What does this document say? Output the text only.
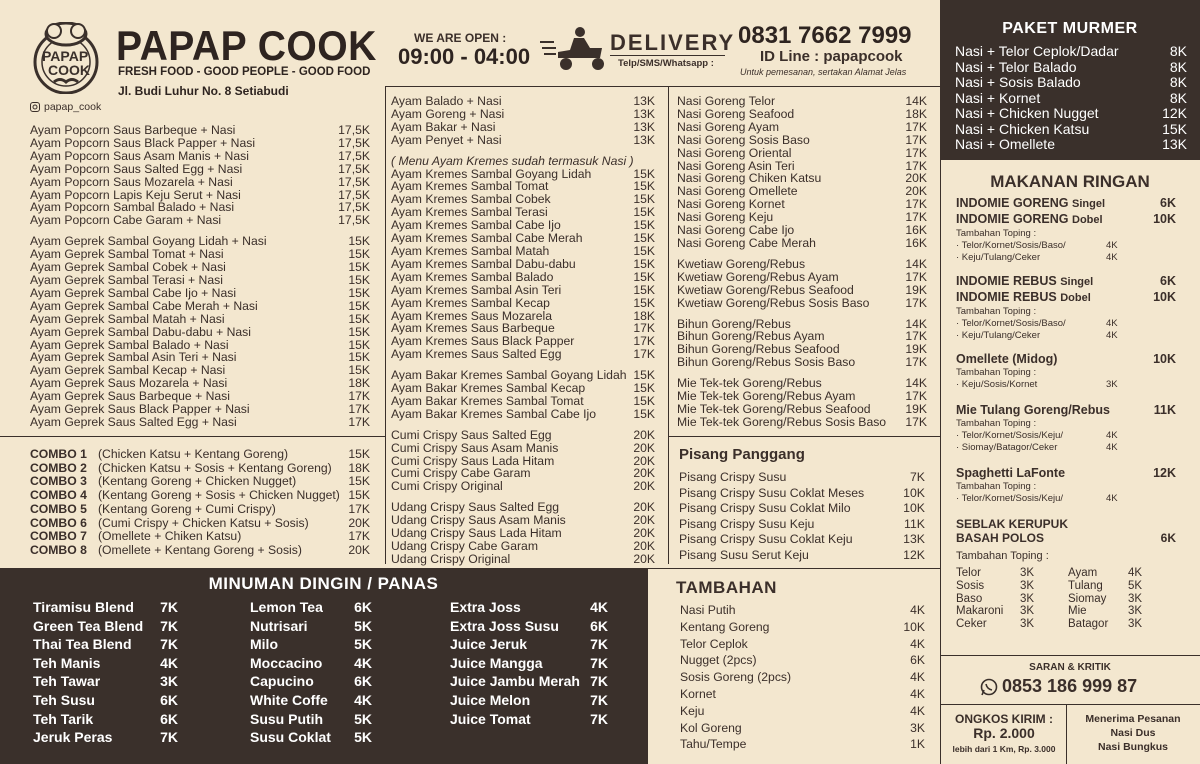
PAPAP
COOK
PAPAP COOK
FRESH FOOD - GOOD PEOPLE - GOOD FOOD
Jl. Budi Luhur No. 8 Setiabudi
papap_cook
WE ARE OPEN :
09:00 - 04:00
DELIVERY
Telp/SMS/Whatsapp :
0831 7662 7999
ID Line : papapcook
Untuk pemesanan, sertakan Alamat Jelas
Ayam Popcorn Saus Barbeque + Nasi	17,5K
Ayam Popcorn Saus Black Papper + Nasi	17,5K
Ayam Popcorn Saus Asam Manis + Nasi	17,5K
Ayam Popcorn Saus Salted Egg + Nasi	17,5K
Ayam Popcorn Saus Mozarela + Nasi	17,5K
Ayam Popcorn Lapis Keju Serut + Nasi	17,5K
Ayam Popcorn Sambal Balado + Nasi	17,5K
Ayam Popcorn Cabe Garam + Nasi	17,5K
Ayam Geprek Sambal Goyang Lidah + Nasi	15K
Ayam Geprek Sambal Tomat + Nasi	15K
Ayam Geprek Sambal Cobek + Nasi	15K
Ayam Geprek Sambal Terasi + Nasi	15K
Ayam Geprek Sambal Cabe Ijo + Nasi	15K
Ayam Geprek Sambal Cabe Merah + Nasi	15K
Ayam Geprek Sambal Matah + Nasi	15K
Ayam Geprek Sambal Dabu-dabu + Nasi	15K
Ayam Geprek Sambal Balado + Nasi	15K
Ayam Geprek Sambal Asin Teri + Nasi	15K
Ayam Geprek Sambal Kecap + Nasi	15K
Ayam Geprek Saus Mozarela + Nasi	18K
Ayam Geprek Saus Barbeque + Nasi	17K
Ayam Geprek Saus Black Papper + Nasi	17K
Ayam Geprek Saus Salted Egg + Nasi	17K
COMBO 1 (Chicken Katsu + Kentang Goreng)	15K
COMBO 2 (Chicken Katsu + Sosis + Kentang Goreng)	18K
COMBO 3 (Kentang Goreng + Chicken Nugget)	15K
COMBO 4 (Kentang Goreng + Sosis + Chicken Nugget) 15K
COMBO 5 (Kentang Goreng + Cumi Crispy)	17K
COMBO 6 (Cumi Crispy + Chicken Katsu + Sosis)	20K
COMBO 7 (Omellete + Chiken Katsu)	17K
COMBO 8 (Omellete + Kentang Goreng + Sosis)	20K
Ayam Balado + Nasi	13K
Ayam Goreng + Nasi	13K
Ayam Bakar + Nasi	13K
Ayam Penyet + Nasi	13K
( Menu Ayam Kremes sudah termasuk Nasi )
Ayam Kremes Sambal Goyang Lidah	15K
Ayam Kremes Sambal Tomat	15K
Ayam Kremes Sambal Cobek	15K
Ayam Kremes Sambal Terasi	15K
Ayam Kremes Sambal Cabe Ijo	15K
Ayam Kremes Sambal Cabe Merah	15K
Ayam Kremes Sambal Matah	15K
Ayam Kremes Sambal Dabu-dabu	15K
Ayam Kremes Sambal Balado	15K
Ayam Kremes Sambal Asin Teri	15K
Ayam Kremes Sambal Kecap	15K
Ayam Kremes Saus Mozarela	18K
Ayam Kremes Saus Barbeque	17K
Ayam Kremes Saus Black Papper	17K
Ayam Kremes Saus Salted Egg	17K
Ayam Bakar Kremes Sambal Goyang Lidah 15K
Ayam Bakar Kremes Sambal Kecap	15K
Ayam Bakar Kremes Sambal Tomat	15K
Ayam Bakar Kremes Sambal Cabe Ijo	15K
Cumi Crispy Saus Salted Egg	20K
Cumi Crispy Saus Asam Manis	20K
Cumi Crispy Saus Lada Hitam	20K
Cumi Crispy Cabe Garam	20K
Cumi Crispy Original	20K
Udang Crispy Saus Salted Egg	20K
Udang Crispy Saus Asam Manis	20K
Udang Crispy Saus Lada Hitam	20K
Udang Crispy Cabe Garam	20K
Udang Crispy Original	20K
Nasi Goreng Telor	14K
Nasi Goreng Seafood	18K
Nasi Goreng Ayam	17K
Nasi Goreng Sosis Baso	17K
Nasi Goreng Oriental	17K
Nasi Goreng Asin Teri	17K
Nasi Goreng Chiken Katsu	20K
Nasi Goreng Omellete	20K
Nasi Goreng Kornet	17K
Nasi Goreng Keju	17K
Nasi Goreng Cabe Ijo	16K
Nasi Goreng Cabe Merah	16K
Kwetiaw Goreng/Rebus	14K
Kwetiaw Goreng/Rebus Ayam	17K
Kwetiaw Goreng/Rebus Seafood	19K
Kwetiaw Goreng/Rebus Sosis Baso	17K
Bihun Goreng/Rebus	14K
Bihun Goreng/Rebus Ayam	17K
Bihun Goreng/Rebus Seafood	19K
Bihun Goreng/Rebus Sosis Baso	17K
Mie Tek-tek Goreng/Rebus	14K
Mie Tek-tek Goreng/Rebus Ayam	17K
Mie Tek-tek Goreng/Rebus Seafood	19K
Mie Tek-tek Goreng/Rebus Sosis Baso 17K
Pisang Panggang
Pisang Crispy Susu	7K
Pisang Crispy Susu Coklat Meses	10K
Pisang Crispy Susu Coklat Milo	10K
Pisang Crispy Susu Keju	11K
Pisang Crispy Susu Coklat Keju	13K
Pisang Susu Serut Keju	12K
PAKET MURMER
Nasi + Telor Ceplok/Dadar	8K
Nasi + Telor Balado	8K
Nasi + Sosis Balado	8K
Nasi + Kornet	8K
Nasi + Chicken Nugget	12K
Nasi + Chicken Katsu	15K
Nasi + Omellete	13K
MAKANAN RINGAN
INDOMIE GORENG Singel	6K
INDOMIE GORENG Dobel	10K
Tambahan Toping :
· Telor/Kornet/Sosis/Baso/	4K
· Keju/Tulang/Ceker	4K
INDOMIE REBUS Singel	6K
INDOMIE REBUS Dobel	10K
Tambahan Toping :
· Telor/Kornet/Sosis/Baso/	4K
· Keju/Tulang/Ceker	4K
Omellete (Midog)	10K
Tambahan Toping :
· Keju/Sosis/Kornet	3K
Mie Tulang Goreng/Rebus	11K
Tambahan Toping :
· Telor/Kornet/Sosis/Keju/	4K
· Siomay/Batagor/Ceker	4K
Spaghetti LaFonte	12K
Tambahan Toping :
· Telor/Kornet/Sosis/Keju/	4K
SEBLAK KERUPUK
BASAH POLOS	6K
Tambahan Toping :
Telor	3K	Ayam	4K
Sosis	3K	Tulang	5K
Baso	3K	Siomay	3K
Makaroni	3K	Mie	3K
Ceker	3K	Batagor	3K
SARAN & KRITIK
0853 186 999 87
ONGKOS KIRIM :
Rp. 2.000
lebih dari 1 Km, Rp. 3.000
Menerima Pesanan
Nasi Dus
Nasi Bungkus
TAMBAHAN
Nasi Putih	4K
Kentang Goreng	10K
Telor Ceplok	4K
Nugget (2pcs)	6K
Sosis Goreng (2pcs)	4K
Kornet	4K
Keju	4K
Kol Goreng	3K
Tahu/Tempe	1K
MINUMAN DINGIN / PANAS
Tiramisu Blend 7K
Green Tea Blend 7K
Thai Tea Blend 7K
Teh Manis	4K
Teh Tawar	3K
Teh Susu	6K
Teh Tarik	6K
Jeruk Peras	7K
Lemon Tea 6K
Nutrisari	5K
Milo	5K
Moccacino 4K
Capucino	6K
White Coffe 4K
Susu Putih 5K
Susu Coklat 5K
Extra Joss	4K
Extra Joss Susu 6K
Juice Jeruk	7K
Juice Mangga	7K
Juice Jambu Merah 7K
Juice Melon	7K
Juice Tomat	7K
